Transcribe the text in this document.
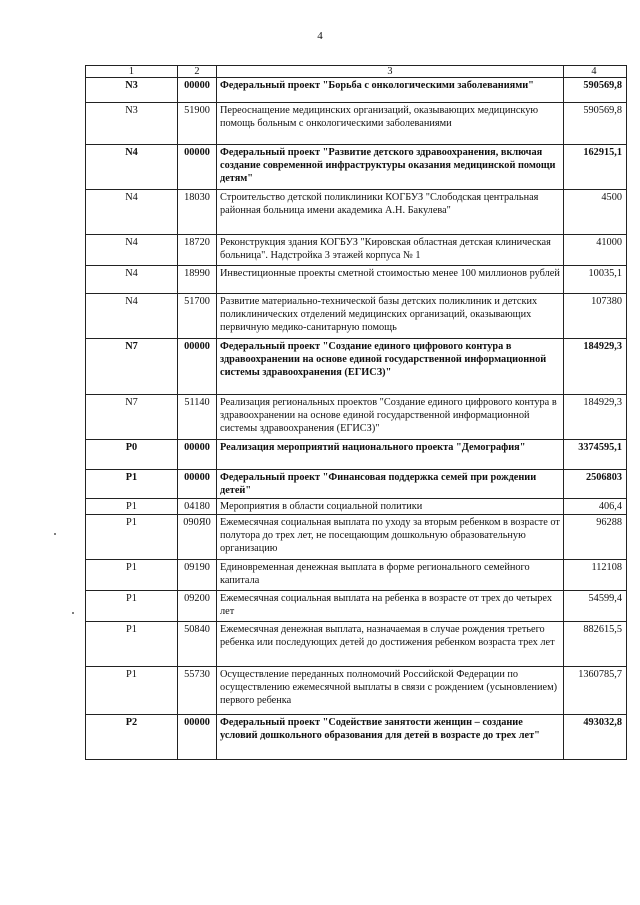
4
1	2	3	4
N3	00000	Федеральный проект "Борьба с онкологическими заболеваниями"	590569,8
N3	51900	Переоснащение медицинских организаций, оказывающих медицинскую помощь больным с онкологическими заболеваниями	590569,8
N4	00000	Федеральный проект "Развитие детского здравоохранения, включая создание современной инфраструктуры оказания медицинской помощи детям"	162915,1
N4	18030	Строительство детской поликлиники КОГБУЗ "Слободская центральная районная больница имени академика А.Н. Бакулева"	4500
N4	18720	Реконструкция здания КОГБУЗ "Кировская областная детская клиническая больница". Надстройка 3 этажей корпуса № 1	41000
N4	18990	Инвестиционные проекты сметной стоимостью менее 100 миллионов рублей	10035,1
N4	51700	Развитие материально-технической базы детских поликлиник и детских поликлинических отделений медицинских организаций, оказывающих первичную медико-санитарную помощь	107380
N7	00000	Федеральный проект "Создание единого цифрового контура в здравоохранении на основе единой государственной информационной системы здравоохранения (ЕГИСЗ)"	184929,3
N7	51140	Реализация региональных проектов "Создание единого цифрового контура в здравоохранении на основе единой государственной информационной системы здравоохранения (ЕГИСЗ)"	184929,3
P0	00000	Реализация мероприятий национального проекта "Демография"	3374595,1
P1	00000	Федеральный проект "Финансовая поддержка семей при рождении детей"	2506803
P1	04180	Мероприятия в области социальной политики	406,4
P1	090Я0	Ежемесячная социальная выплата по уходу за вторым ребенком в возрасте от полутора до трех лет, не посещающим дошкольную образовательную организацию	96288
P1	09190	Единовременная денежная выплата в форме регионального семейного капитала	112108
P1	09200	Ежемесячная социальная выплата на ребенка в возрасте от трех до четырех лет	54599,4
P1	50840	Ежемесячная денежная выплата, назначаемая в случае рождения третьего ребенка или последующих детей до достижения ребенком возраста трех лет	882615,5
P1	55730	Осуществление переданных полномочий Российской Федерации по осуществлению ежемесячной выплаты в связи с рождением (усыновлением) первого ребенка	1360785,7
P2	00000	Федеральный проект "Содействие занятости женщин – создание условий дошкольного образования для детей в возрасте до трех лет"	493032,8
